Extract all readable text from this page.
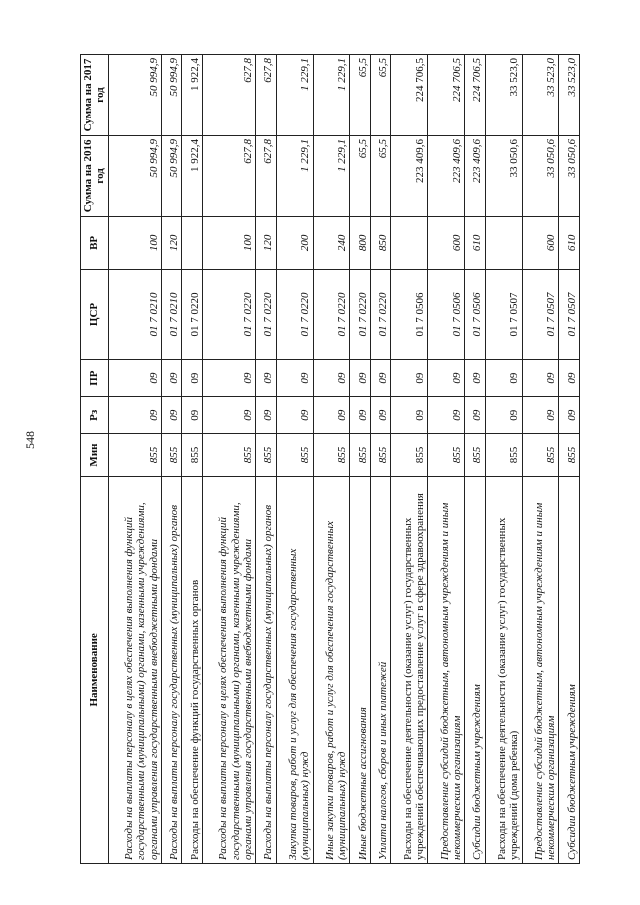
548
Наименование	Мин	Рз	ПР	ЦСР	ВР	Сумма на 2016 год	Сумма на 2017 год
Расходы на выплаты персоналу в целях обеспечения выполнения функций государственными (муниципальными) органами, казенными учреждениями, органами управления государственными внебюджетными фондами	855	09	09	01 7 0210	100	50 994,9	50 994,9
Расходы на выплаты персоналу государственных (муниципальных) органов	855	09	09	01 7 0210	120	50 994,9	50 994,9
Расходы на обеспечение функций государственных органов	855	09	09	01 7 0220		1 922,4	1 922,4
Расходы на выплаты персоналу в целях обеспечения выполнения функций государственными (муниципальными) органами, казенными учреждениями, органами управления государственными внебюджетными фондами	855	09	09	01 7 0220	100	627,8	627,8
Расходы на выплаты персоналу государственных (муниципальных) органов	855	09	09	01 7 0220	120	627,8	627,8
Закупка товаров, работ и услуг для обеспечения государственных (муниципальных) нужд	855	09	09	01 7 0220	200	1 229,1	1 229,1
Иные закупки товаров, работ и услуг для обеспечения государственных (муниципальных) нужд	855	09	09	01 7 0220	240	1 229,1	1 229,1
Иные бюджетные ассигнования	855	09	09	01 7 0220	800	65,5	65,5
Уплата налогов, сборов и иных платежей	855	09	09	01 7 0220	850	65,5	65,5
Расходы на обеспечение деятельности (оказание услуг) государственных учреждений обеспечивающих предоставление услуг в сфере здравоохранения	855	09	09	01 7 0506		223 409,6	224 706,5
Предоставление субсидий бюджетным, автономным учреждениям и иным некоммерческим организациям	855	09	09	01 7 0506	600	223 409,6	224 706,5
Субсидии бюджетным учреждениям	855	09	09	01 7 0506	610	223 409,6	224 706,5
Расходы на обеспечение деятельности (оказание услуг) государственных учреждений (дома ребенка)	855	09	09	01 7 0507		33 050,6	33 523,0
Предоставление субсидий бюджетным, автономным учреждениям и иным некоммерческим организациям	855	09	09	01 7 0507	600	33 050,6	33 523,0
Субсидии бюджетным учреждениям	855	09	09	01 7 0507	610	33 050,6	33 523,0
